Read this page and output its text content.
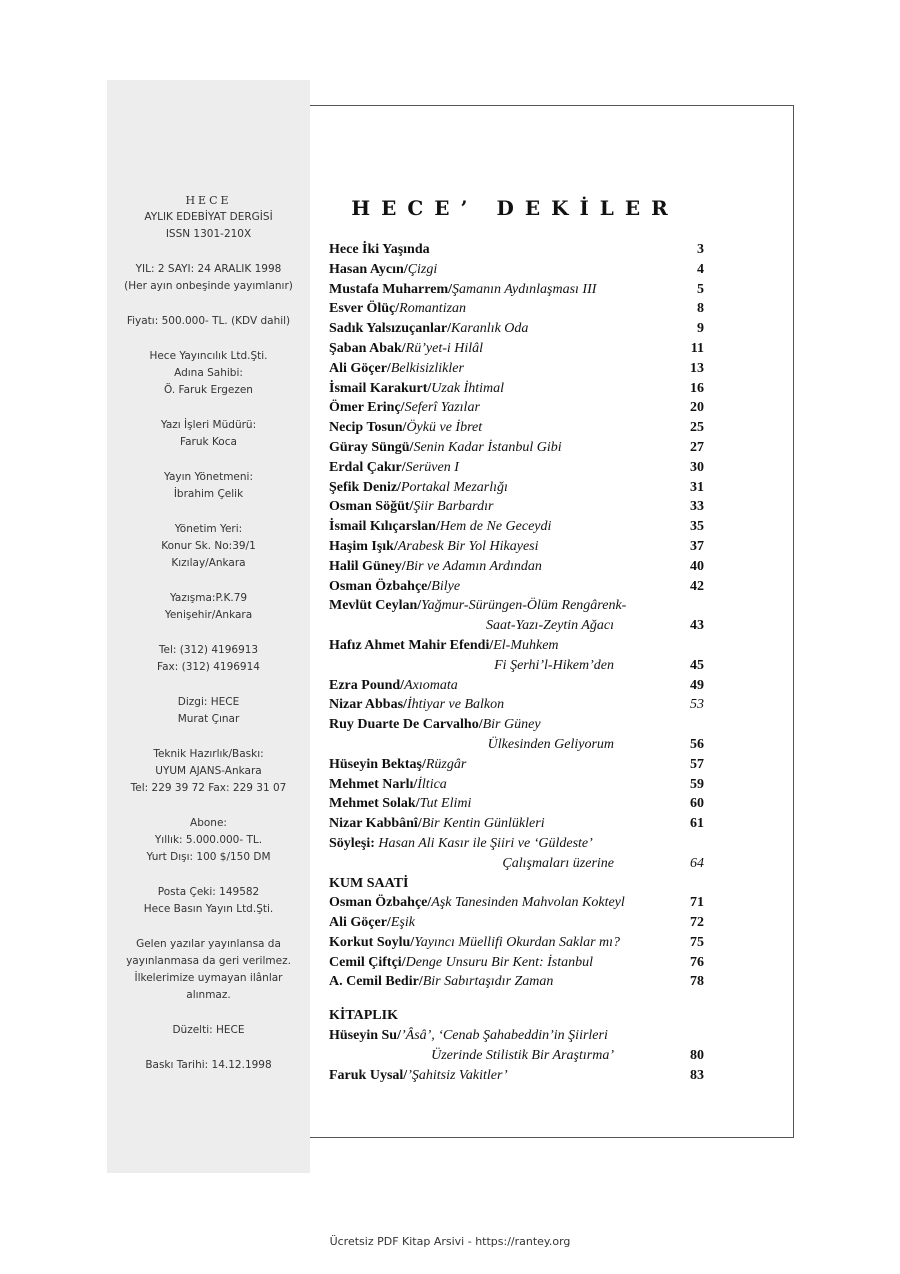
HECE

AYLIK EDEBİYAT DERGİSİ

ISSN 1301-210X

YIL: 2 SAYI: 24 ARALIK 1998

(Her ayın onbeşinde yayımlanır)

Fiyatı: 500.000- TL. (KDV dahil)

Hece Yayıncılık Ltd.Şti.

Adına Sahibi:

Ö. Faruk Ergezen

Yazı İşleri Müdürü:

Faruk Koca

Yayın Yönetmeni:

İbrahim Çelik

Yönetim Yeri:

Konur Sk. No:39/1

Kızılay/Ankara

Yazışma:P.K.79

Yenişehir/Ankara

Tel: (312) 4196913

Fax: (312) 4196914

Dizgi: HECE

Murat Çınar

Teknik Hazırlık/Baskı:

UYUM AJANS-Ankara

Tel: 229 39 72 Fax: 229 31 07

Abone:

Yıllık: 5.000.000- TL.

Yurt Dışı: 100 $/150 DM

Posta Çeki: 149582

Hece Basın Yayın Ltd.Şti.

Gelen yazılar yayınlansa da

yayınlanmasa da geri verilmez.

İlkelerimize uymayan ilânlar

alınmaz.

Düzelti: HECE

Baskı Tarihi: 14.12.1998

HECE’ DEKİLER
Hece İki Yaşında	3
Hasan Aycın/Çizgi	4
Mustafa Muharrem/Şamanın Aydınlaşması III	5
Esver Ölüç/Romantizan	8
Sadık Yalsızuçanlar/Karanlık Oda	9
Şaban Abak/Rü’yet-i Hilâl	11
Ali Göçer/Belkisizlikler	13
İsmail Karakurt/Uzak İhtimal	16
Ömer Erinç/Seferî Yazılar	20
Necip Tosun/Öykü ve İbret	25
Güray Süngü/Senin Kadar İstanbul Gibi	27
Erdal Çakır/Serüven I	30
Şefik Deniz/Portakal Mezarlığı	31
Osman Söğüt/Şiir Barbardır	33
İsmail Kılıçarslan/Hem de Ne Geceydi	35
Haşim Işık/Arabesk Bir Yol Hikayesi	37
Halil Güney/Bir ve Adamın Ardından	40
Osman Özbahçe/Bilye	42
Mevlüt Ceylan/Yağmur-Sürüngen-Ölüm Rengârenk-
Saat-Yazı-Zeytin Ağacı	43
Hafız Ahmet Mahir Efendi/El-Muhkem
Fi Şerhi’l-Hikem’den	45
Ezra Pound/Axıomata	49
Nizar Abbas/İhtiyar ve Balkon	53
Ruy Duarte De Carvalho/Bir Güney
Ülkesinden Geliyorum	56
Hüseyin Bektaş/Rüzgâr	57
Mehmet Narlı/İltica	59
Mehmet Solak/Tut Elimi	60
Nizar Kabbânî/Bir Kentin Günlükleri	61
Söyleşi: Hasan Ali Kasır ile Şiiri ve ‘Güldeste’
Çalışmaları üzerine	64
KUM SAATİ
Osman Özbahçe/Aşk Tanesinden Mahvolan Kokteyl	71
Ali Göçer/Eşik	72
Korkut Soylu/Yayıncı Müellifi Okurdan Saklar mı?	75
Cemil Çiftçi/Denge Unsuru Bir Kent: İstanbul	76
A. Cemil Bedir/Bir Sabırtaşıdır Zaman	78
KİTAPLIK
Hüseyin Su/’Âsâ’, ‘Cenab Şahabeddin’in Şiirleri
Üzerinde Stilistik Bir Araştırma’	80
Faruk Uysal/’Şahitsiz Vakitler’	83
Ücretsiz PDF Kitap Arsivi - https://rantey.org
